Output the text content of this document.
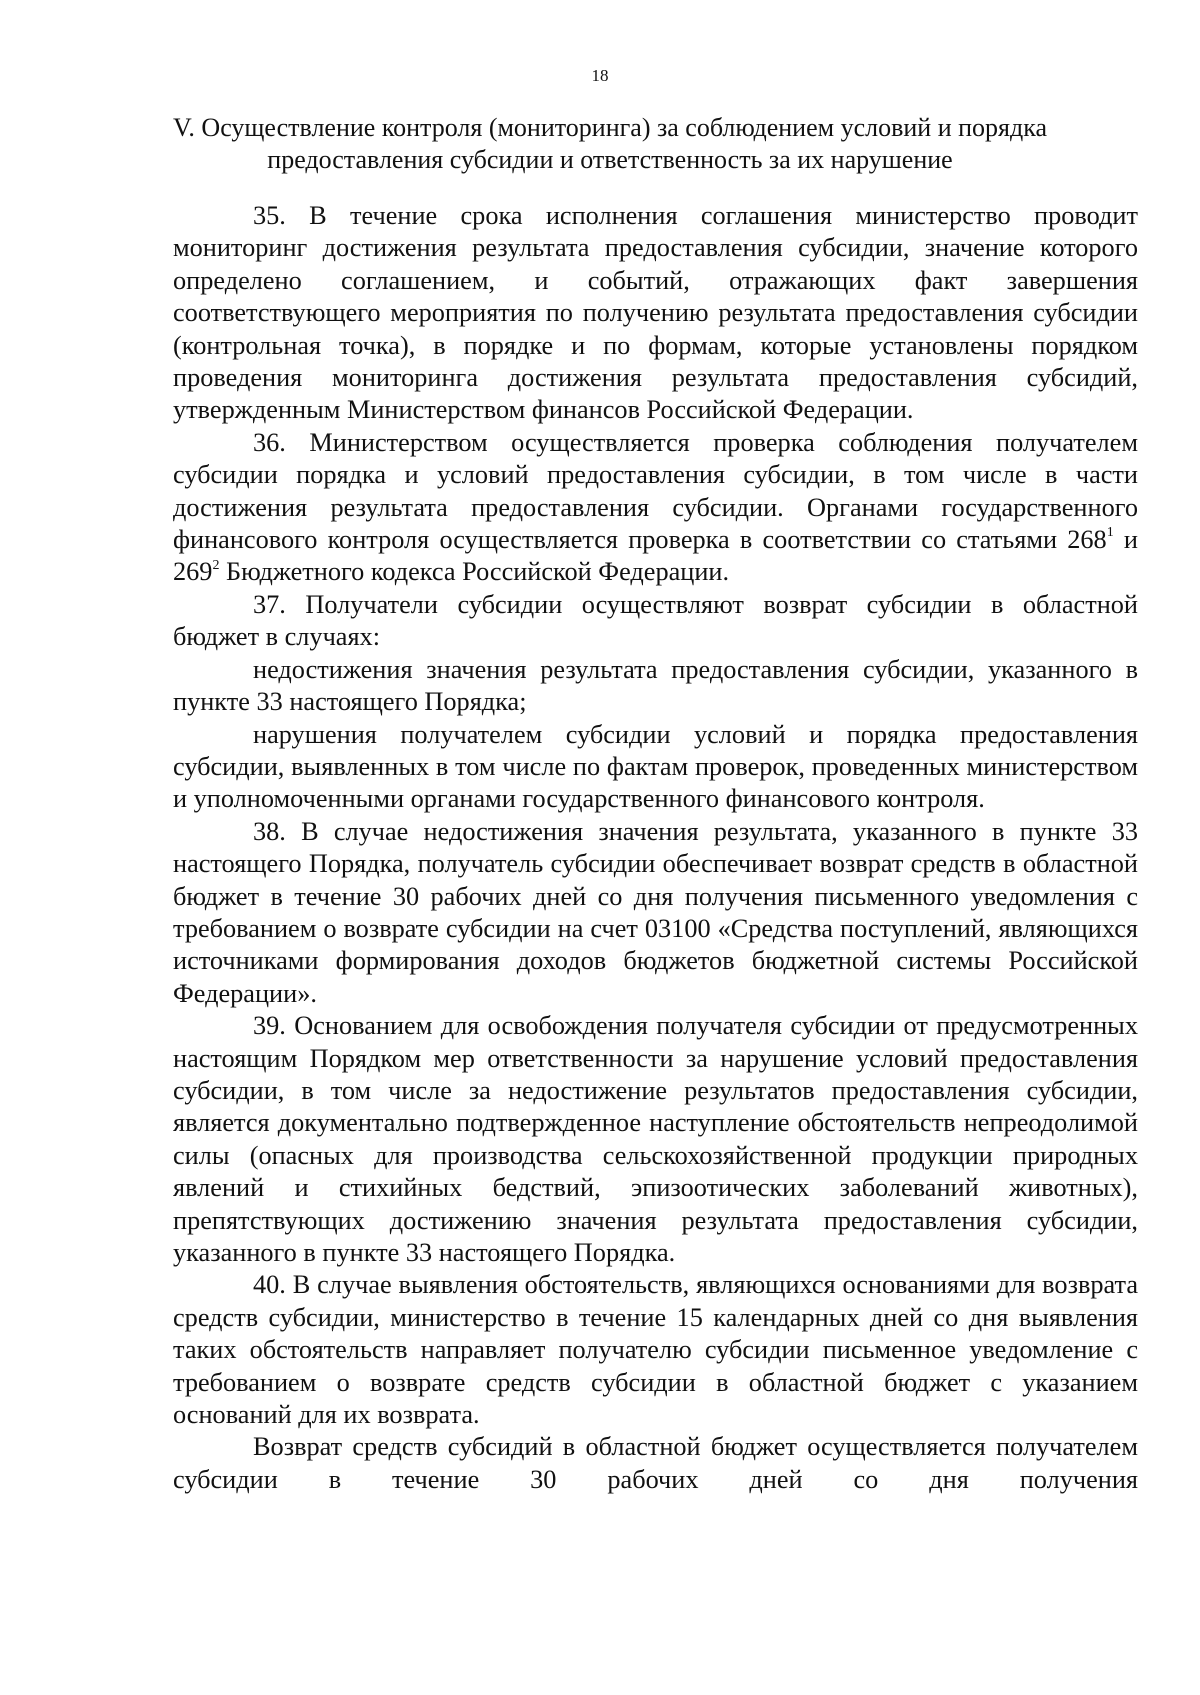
18
V. Осуществление контроля (мониторинга) за соблюдением условий и порядка предоставления субсидии и ответственность за их нарушение

35. В течение срока исполнения соглашения министерство проводит мониторинг достижения результата предоставления субсидии, значение которого определено соглашением, и событий, отражающих факт завершения соответствующего мероприятия по получению результата предоставления субсидии (контрольная точка), в порядке и по формам, которые установлены порядком проведения мониторинга достижения результата предоставления субсидий, утвержденным Министерством финансов Российской Федерации.

36. Министерством осуществляется проверка соблюдения получателем субсидии порядка и условий предоставления субсидии, в том числе в части достижения результата предоставления субсидии. Органами государственного финансового контроля осуществляется проверка в соответствии со статьями $268^1$ и $269^2$ Бюджетного кодекса Российской Федерации.

37. Получатели субсидии осуществляют возврат субсидии в областной бюджет в случаях:

недостижения значения результата предоставления субсидии, указанного в пункте 33 настоящего Порядка;

нарушения получателем субсидии условий и порядка предоставления субсидии, выявленных в том числе по фактам проверок, проведенных министерством и уполномоченными органами государственного финансового контроля.

38. В случае недостижения значения результата, указанного в пункте 33 настоящего Порядка, получатель субсидии обеспечивает возврат средств в областной бюджет в течение 30 рабочих дней со дня получения письменного уведомления с требованием о возврате субсидии на счет 03100 «Средства поступлений, являющихся источниками формирования доходов бюджетов бюджетной системы Российской Федерации».

39. Основанием для освобождения получателя субсидии от предусмотренных настоящим Порядком мер ответственности за нарушение условий предоставления субсидии, в том числе за недостижение результатов предоставления субсидии, является документально подтвержденное наступление обстоятельств непреодолимой силы (опасных для производства сельскохозяйственной продукции природных явлений и стихийных бедствий, эпизоотических заболеваний животных), препятствующих достижению значения результата предоставления субсидии, указанного в пункте 33 настоящего Порядка.

40. В случае выявления обстоятельств, являющихся основаниями для возврата средств субсидии, министерство в течение 15 календарных дней со дня выявления таких обстоятельств направляет получателю субсидии письменное уведомление с требованием о возврате средств субсидии в областной бюджет с указанием оснований для их возврата.

Возврат средств субсидий в областной бюджет осуществляется получателем субсидии в течение 30 рабочих дней со дня получения
